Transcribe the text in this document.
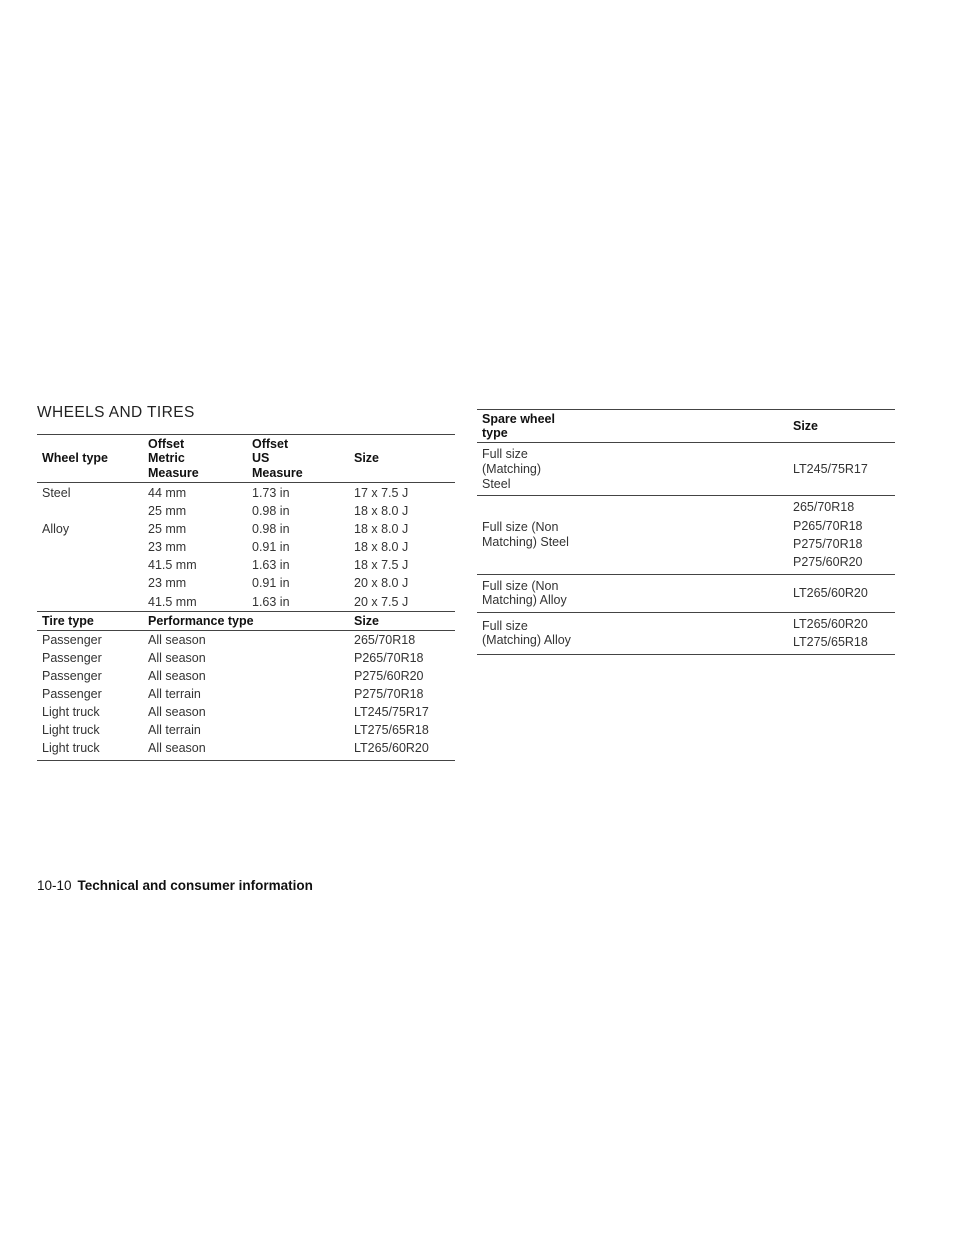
WHEELS AND TIRES
Wheel type	Offset
Metric
Measure	Offset
US
Measure	Size
Steel	44 mm	1.73 in	17 x 7.5 J
	25 mm	0.98 in	18 x 8.0 J
Alloy	25 mm	0.98 in	18 x 8.0 J
	23 mm	0.91 in	18 x 8.0 J
	41.5 mm	1.63 in	18 x 7.5 J
	23 mm	0.91 in	20 x 8.0 J
	41.5 mm	1.63 in	20 x 7.5 J
Tire type	Performance type		Size
Passenger	All season		265/70R18
Passenger	All season		P265/70R18
Passenger	All season		P275/60R20
Passenger	All terrain		P275/70R18
Light truck	All season		LT245/75R17
Light truck	All terrain		LT275/65R18
Light truck	All season		LT265/60R20
Spare wheel
type	Size
Full size
(Matching)
Steel	LT245/75R17

Full size (Non
Matching) Steel	265/70R18
P265/70R18
P275/70R18
P275/60R20

Full size (Non
Matching) Alloy	LT265/60R20

Full size
(Matching) Alloy	LT265/60R20
LT275/65R18
10-10 Technical and consumer information
